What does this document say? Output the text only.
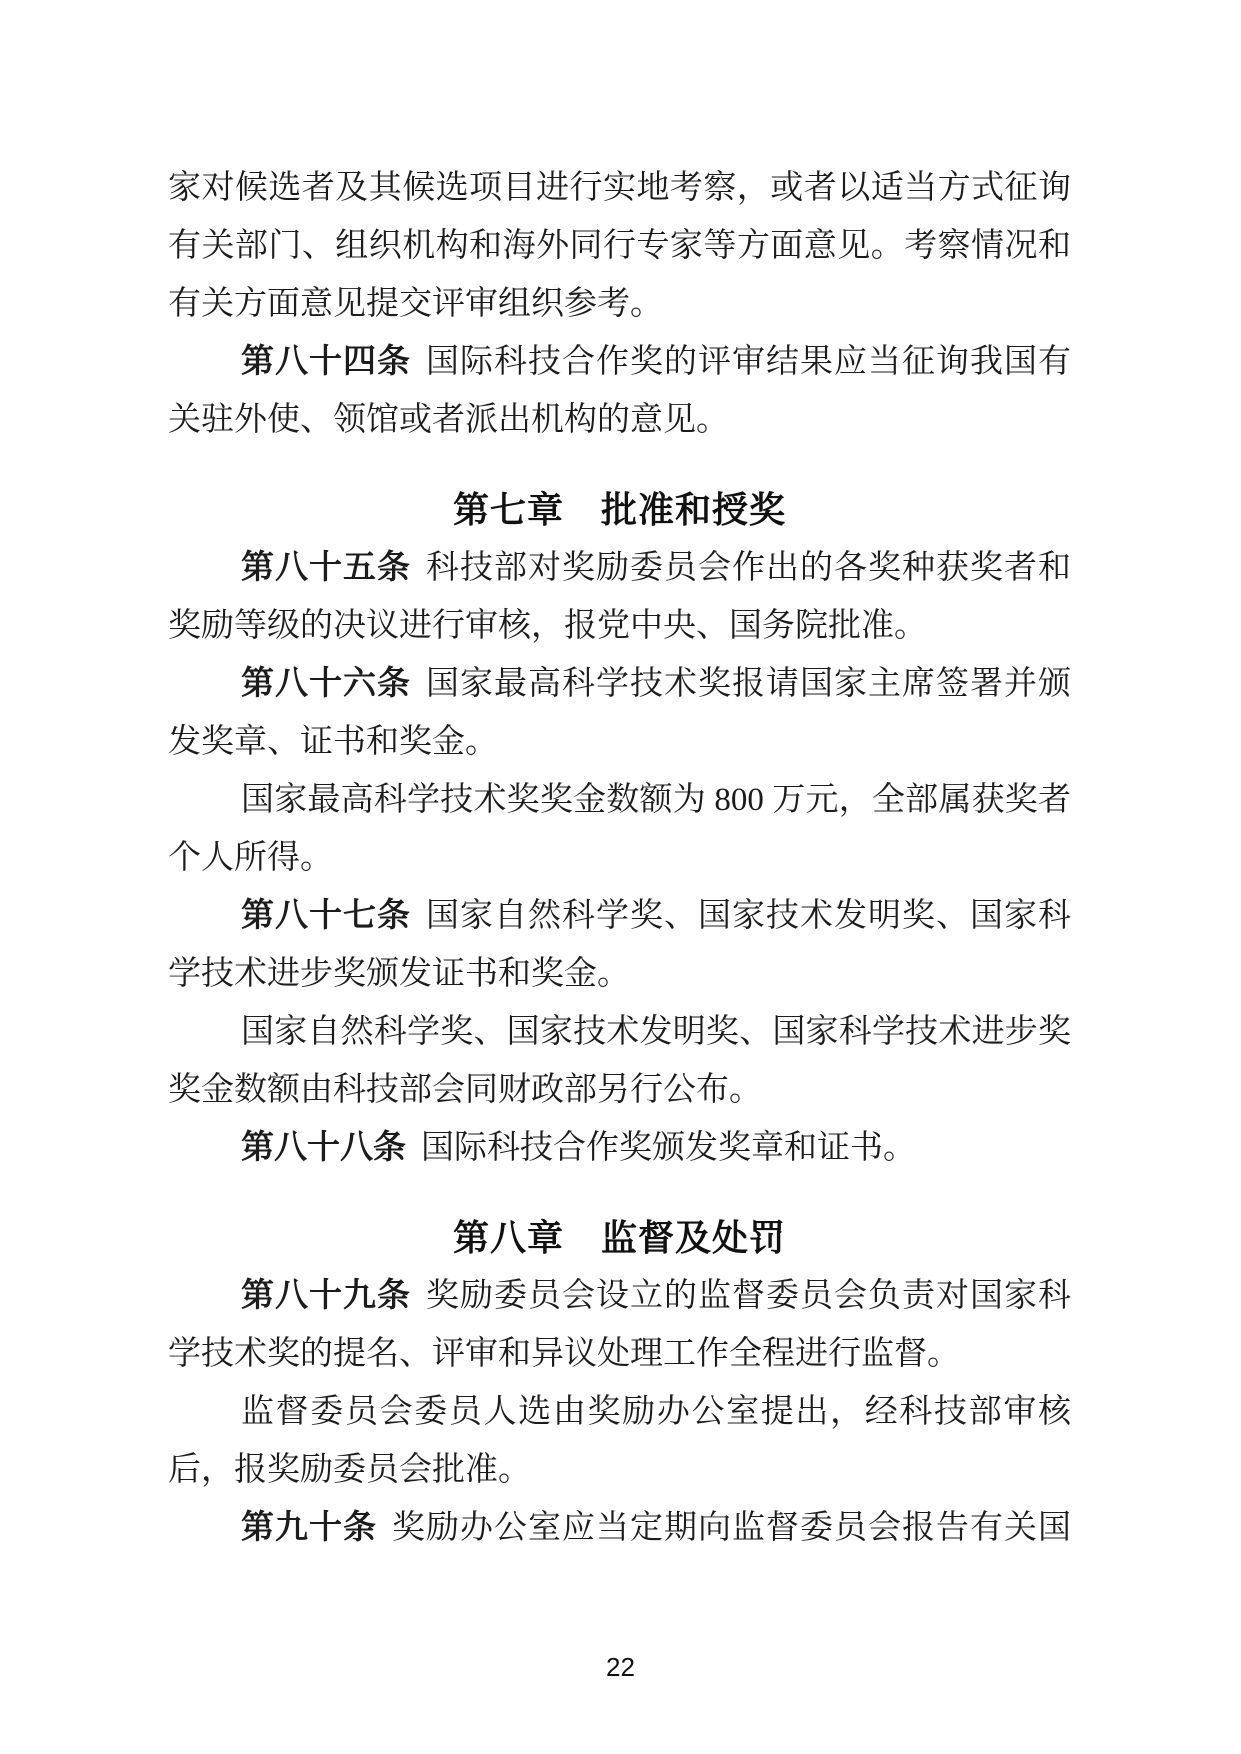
家对候选者及其候选项目进行实地考察，或者以适当方式征询
有关部门、组织机构和海外同行专家等方面意见。考察情况和
有关方面意见提交评审组织参考。
第八十四条 国际科技合作奖的评审结果应当征询我国有
关驻外使、领馆或者派出机构的意见。
第七章　批准和授奖
第八十五条 科技部对奖励委员会作出的各奖种获奖者和
奖励等级的决议进行审核，报党中央、国务院批准。
第八十六条 国家最高科学技术奖报请国家主席签署并颁
发奖章、证书和奖金。
国家最高科学技术奖奖金数额为 800 万元，全部属获奖者
个人所得。
第八十七条 国家自然科学奖、国家技术发明奖、国家科
学技术进步奖颁发证书和奖金。
国家自然科学奖、国家技术发明奖、国家科学技术进步奖
奖金数额由科技部会同财政部另行公布。
第八十八条 国际科技合作奖颁发奖章和证书。
第八章　监督及处罚
第八十九条 奖励委员会设立的监督委员会负责对国家科
学技术奖的提名、评审和异议处理工作全程进行监督。
监督委员会委员人选由奖励办公室提出，经科技部审核
后，报奖励委员会批准。
第九十条 奖励办公室应当定期向监督委员会报告有关国
22
